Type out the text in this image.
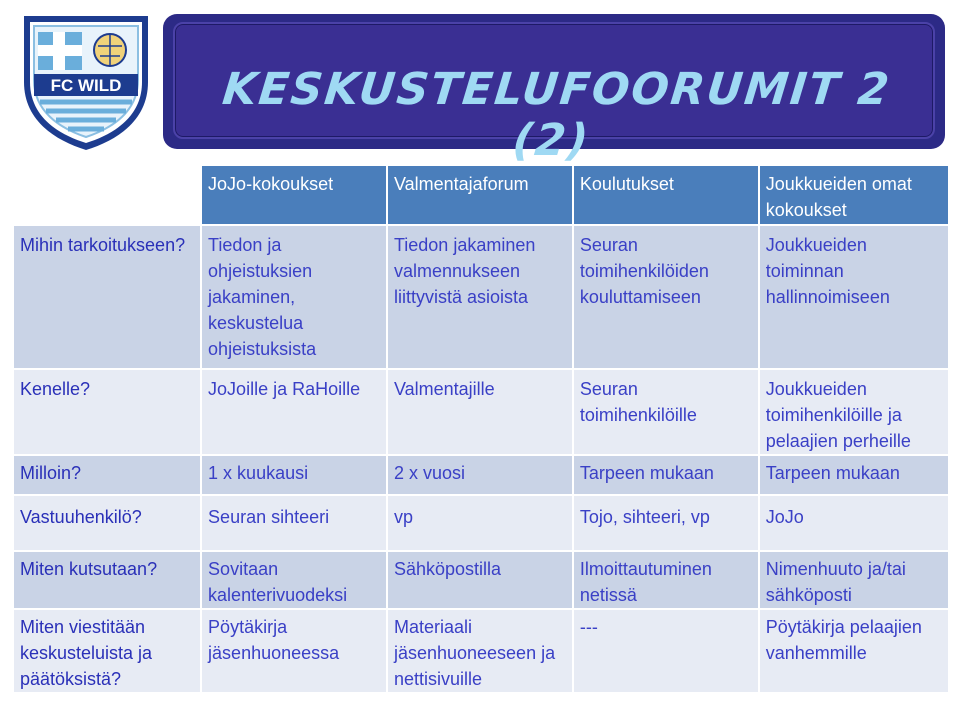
FC WILD	KESKUSTELUFOORUMIT 2 (2)
	JoJo-kokoukset	Valmentajaforum	Koulutukset	Joukkueiden omat kokoukset
Mihin tarkoitukseen?	Tiedon ja ohjeistuksien jakaminen, keskustelua ohjeistuksista	Tiedon jakaminen valmennukseen liittyvistä asioista	Seuran toimihenkilöiden kouluttamiseen	Joukkueiden toiminnan hallinnoimiseen
Kenelle?	JoJoille ja RaHoille	Valmentajille	Seuran toimihenkilöille	Joukkueiden toimihenkilöille ja pelaajien perheille
Milloin?	1 x kuukausi	2 x vuosi	Tarpeen mukaan	Tarpeen mukaan
Vastuuhenkilö?	Seuran sihteeri	vp	Tojo, sihteeri, vp	JoJo
Miten kutsutaan?	Sovitaan kalenterivuodeksi	Sähköpostilla	Ilmoittautuminen netissä	Nimenhuuto ja/tai sähköposti
Miten viestitään keskusteluista ja päätöksistä?	Pöytäkirja jäsenhuoneessa	Materiaali jäsenhuoneeseen ja nettisivuille	---	Pöytäkirja pelaajien vanhemmille
